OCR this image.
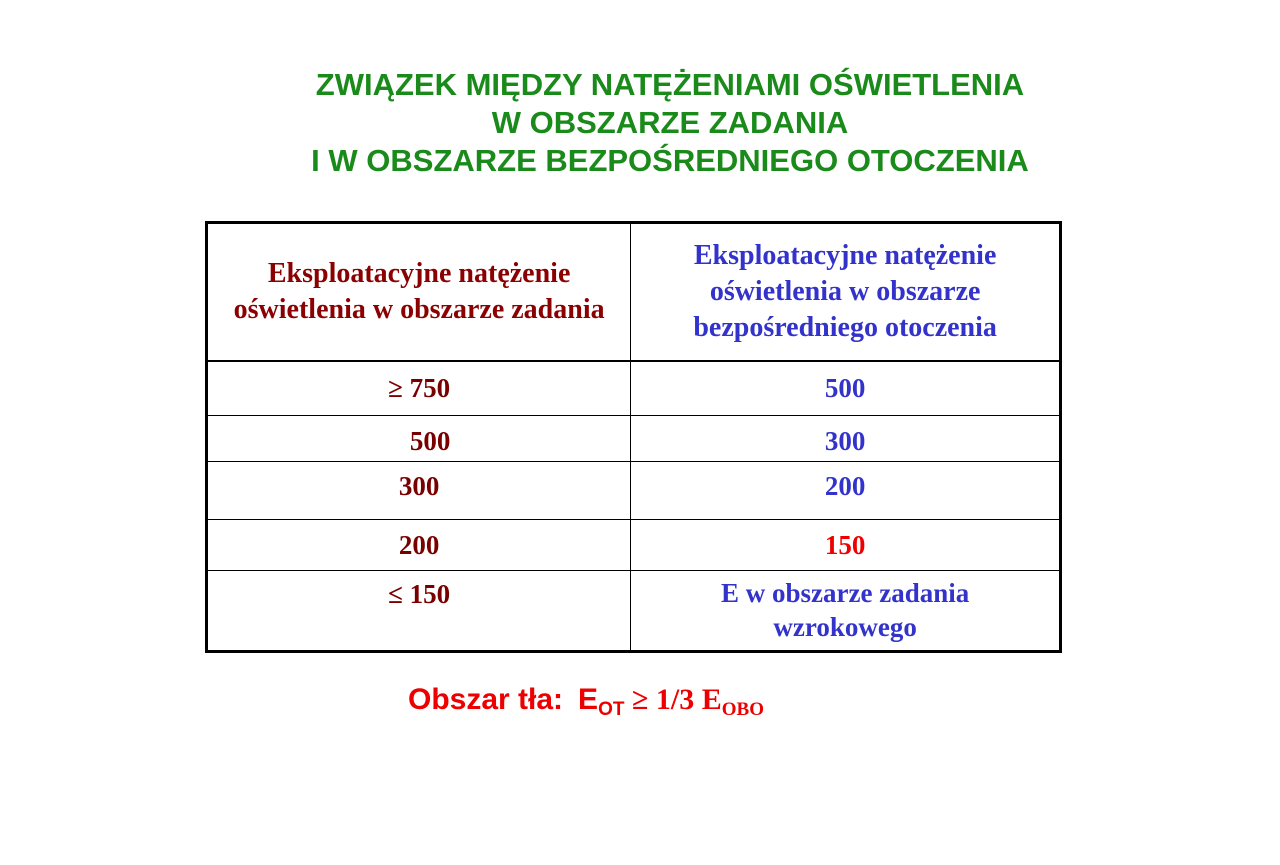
ZWIĄZEK MIĘDZY NATĘŻENIAMI OŚWIETLENIA
W OBSZARZE ZADANIA
I W OBSZARZE BEZPOŚREDNIEGO OTOCZENIA
Eksploatacyjne natężenie oświetlenia w obszarze zadania	Eksploatacyjne natężenie oświetlenia w obszarze bezpośredniego otoczenia

≥ 750	500
500	300
300	200
200	150
≤ 150	E w obszarze zadania wzrokowego
Obszar tła: $E_{OT} \ge 1/3$ $E_{OBO}$
